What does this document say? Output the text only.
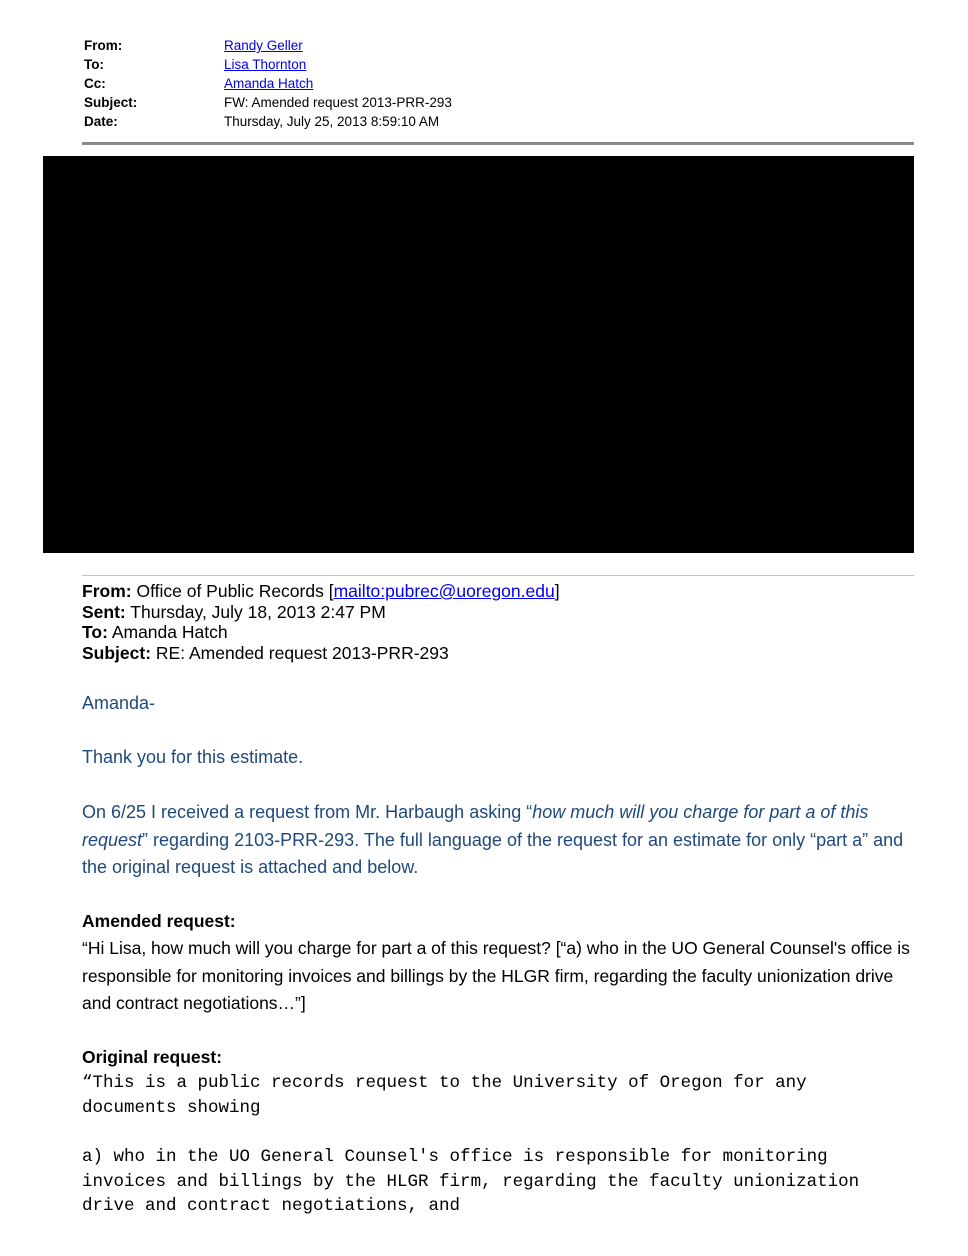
From:	Randy Geller
To:	Lisa Thornton
Cc:	Amanda Hatch
Subject:	FW: Amended request 2013-PRR-293
Date:	Thursday, July 25, 2013 8:59:10 AM
From: Office of Public Records [mailto:pubrec@uoregon.edu]
Sent: Thursday, July 18, 2013 2:47 PM
To: Amanda Hatch
Subject: RE: Amended request 2013-PRR-293
Amanda-
Thank you for this estimate.
On 6/25 I received a request from Mr. Harbaugh asking “how much will you charge for part a of this request” regarding 2103-PRR-293. The full language of the request for an estimate for only “part a” and the original request is attached and below.
Amended request:
“Hi Lisa, how much will you charge for part a of this request? [“a) who in the UO General Counsel's office is responsible for monitoring invoices and billings by the HLGR firm, regarding the faculty unionization drive and contract negotiations…”]
Original request:
“This is a public records request to the University of Oregon for any
documents showing
a) who in the UO General Counsel's office is responsible for monitoring
invoices and billings by the HLGR firm, regarding the faculty unionization
drive and contract negotiations, and
